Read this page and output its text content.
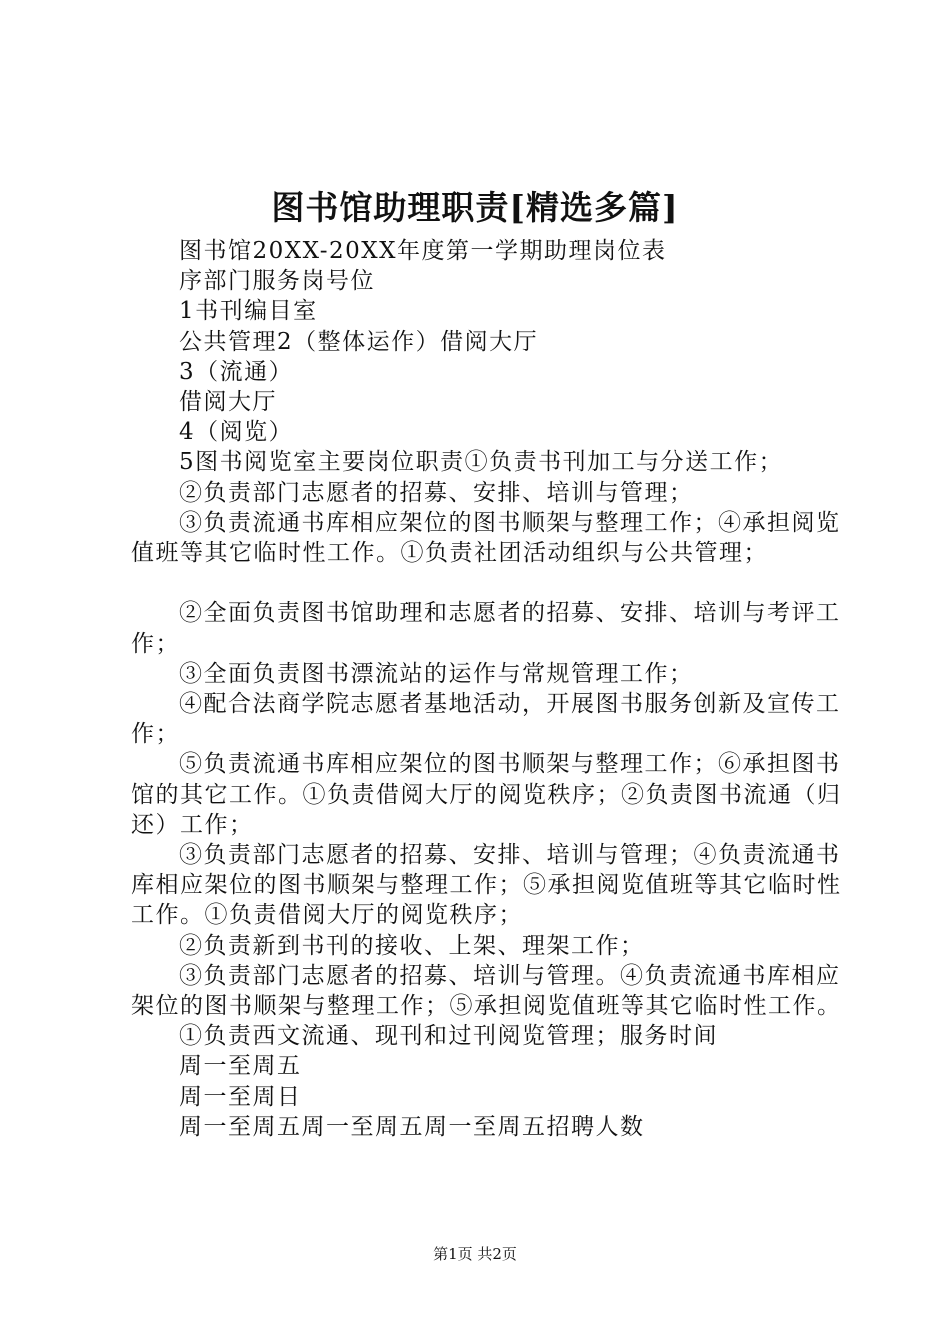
图书馆助理职责[精选多篇]

图书馆20XX-20XX年度第一学期助理岗位表

序部门服务岗号位

1书刊编目室

公共管理2（整体运作）借阅大厅

3（流通）

借阅大厅

4（阅览）

5图书阅览室主要岗位职责①负责书刊加工与分送工作；

②负责部门志愿者的招募、安排、培训与管理；

③负责流通书库相应架位的图书顺架与整理工作；④承担阅览值班等其它临时性工作。①负责社团活动组织与公共管理；

②全面负责图书馆助理和志愿者的招募、安排、培训与考评工作；

③全面负责图书漂流站的运作与常规管理工作；

④配合法商学院志愿者基地活动，开展图书服务创新及宣传工作；

⑤负责流通书库相应架位的图书顺架与整理工作；⑥承担图书馆的其它工作。①负责借阅大厅的阅览秩序；②负责图书流通（归还）工作；

③负责部门志愿者的招募、安排、培训与管理；④负责流通书库相应架位的图书顺架与整理工作；⑤承担阅览值班等其它临时性工作。①负责借阅大厅的阅览秩序；

②负责新到书刊的接收、上架、理架工作；

③负责部门志愿者的招募、培训与管理。④负责流通书库相应架位的图书顺架与整理工作；⑤承担阅览值班等其它临时性工作。

①负责西文流通、现刊和过刊阅览管理；服务时间

周一至周五

周一至周日

周一至周五周一至周五周一至周五招聘人数

第1页 共2页
